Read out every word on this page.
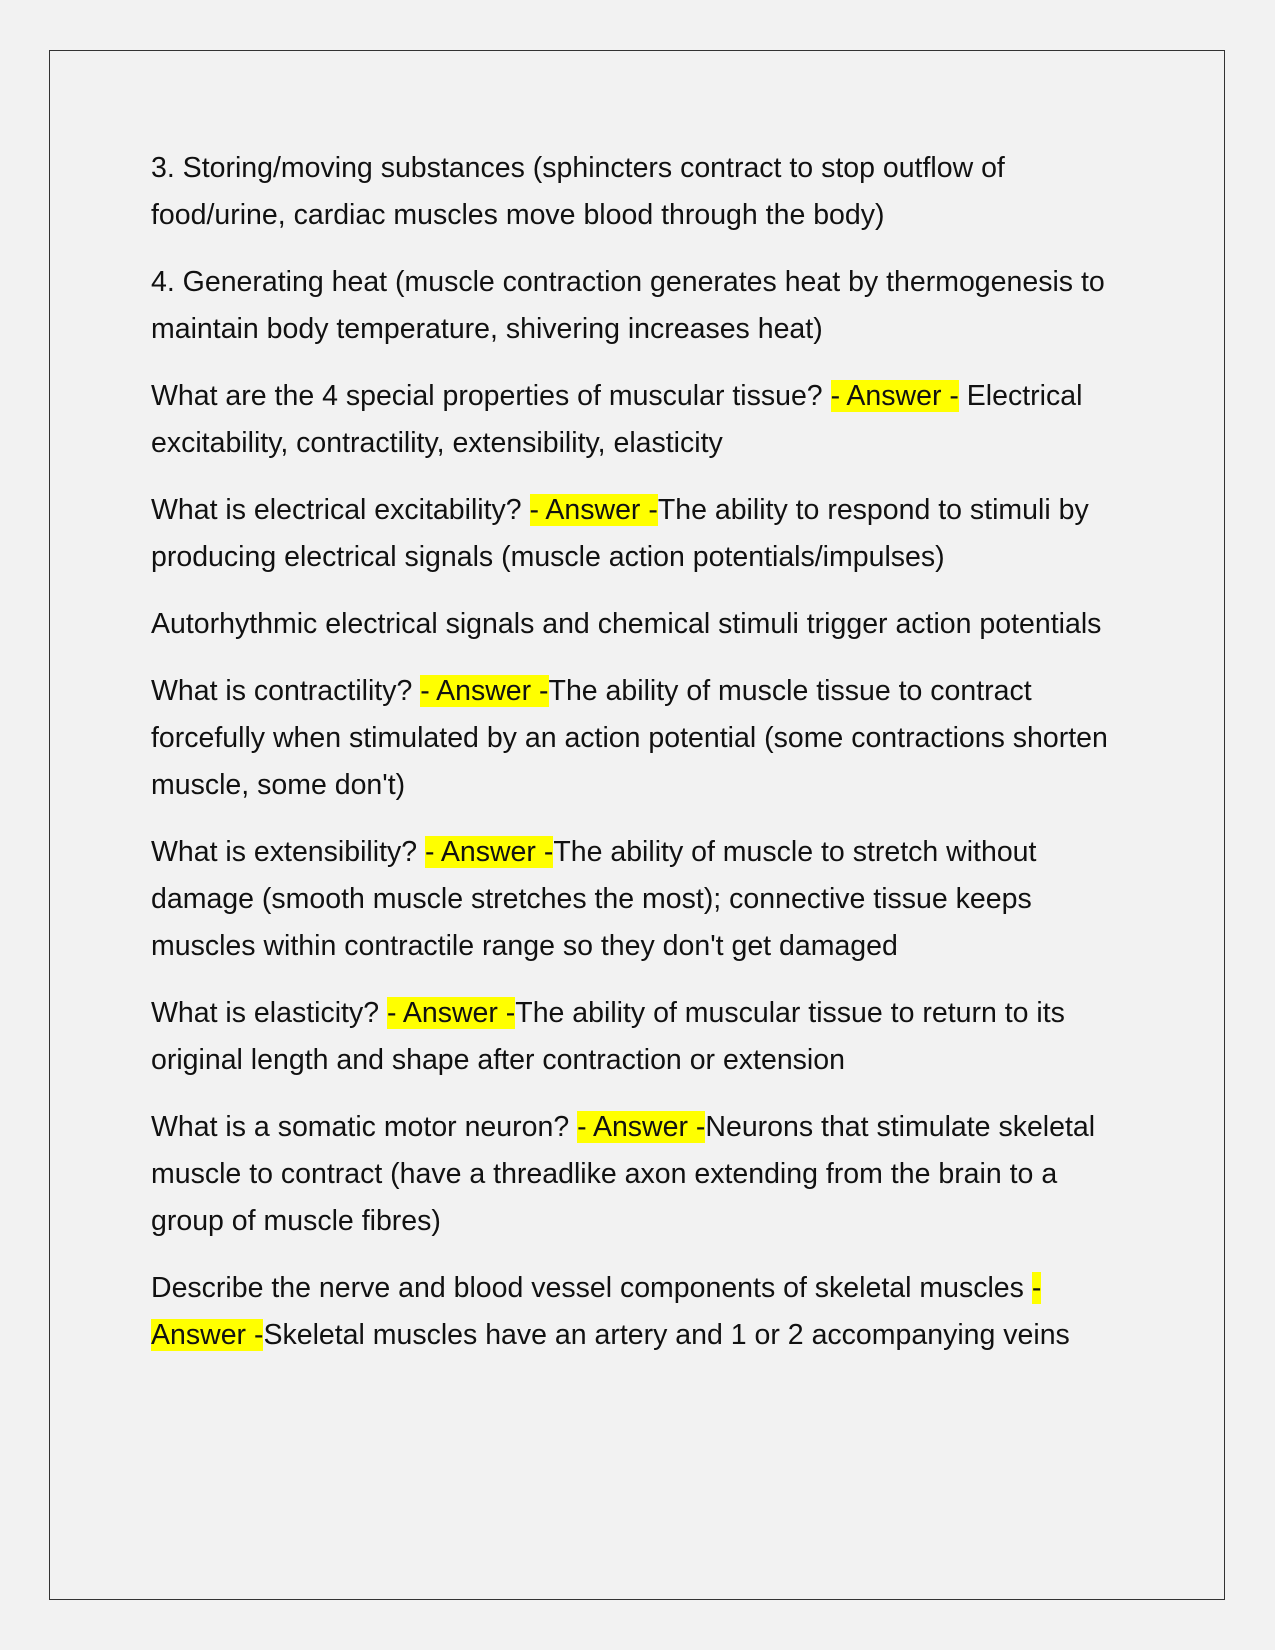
3. Storing/moving substances (sphincters contract to stop outflow of food/urine, cardiac muscles move blood through the body)

4. Generating heat (muscle contraction generates heat by thermogenesis to maintain body temperature, shivering increases heat)

What are the 4 special properties of muscular tissue? - Answer - Electrical excitability, contractility, extensibility, elasticity

What is electrical excitability? - Answer -The ability to respond to stimuli by producing electrical signals (muscle action potentials/impulses)

Autorhythmic electrical signals and chemical stimuli trigger action potentials

What is contractility? - Answer -The ability of muscle tissue to contract forcefully when stimulated by an action potential (some contractions shorten muscle, some don't)

What is extensibility? - Answer -The ability of muscle to stretch without damage (smooth muscle stretches the most); connective tissue keeps muscles within contractile range so they don't get damaged

What is elasticity? - Answer -The ability of muscular tissue to return to its original length and shape after contraction or extension

What is a somatic motor neuron? - Answer -Neurons that stimulate skeletal muscle to contract (have a threadlike axon extending from the brain to a group of muscle fibres)

Describe the nerve and blood vessel components of skeletal muscles - Answer -Skeletal muscles have an artery and 1 or 2 accompanying veins
